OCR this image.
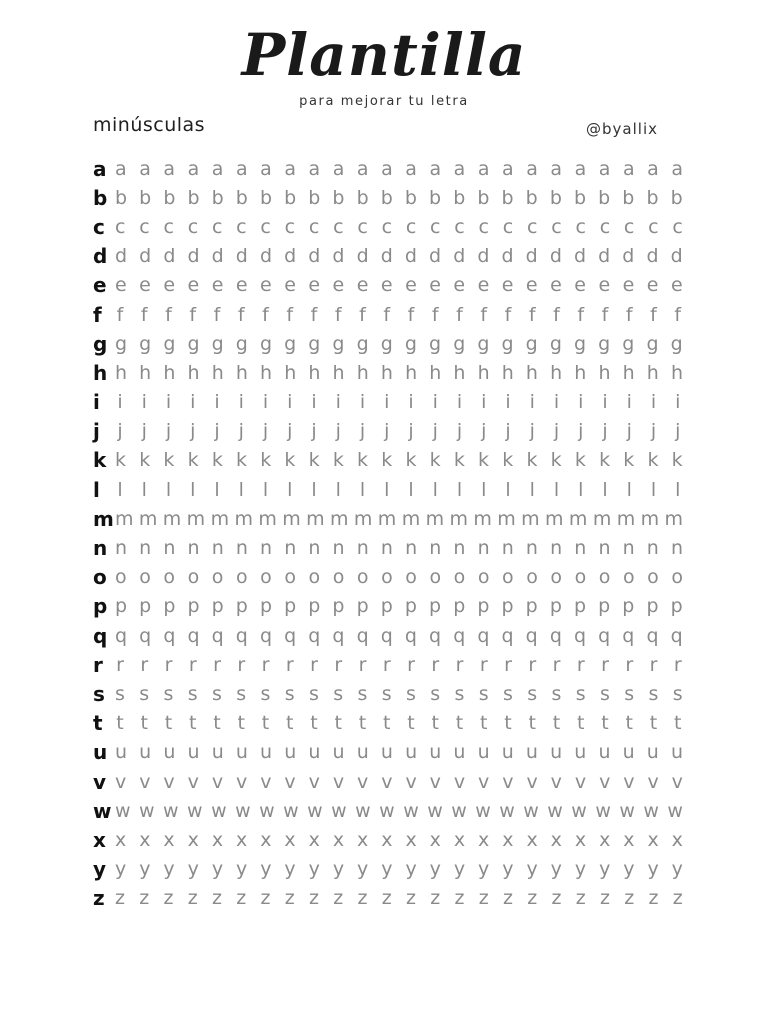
Plantilla
para mejorar tu letra
minúsculas	@byallix
a a a a a a a a a a a a a a a a a a a a a a a a a
b b b b b b b b b b b b b b b b b b b b b b b b b
c c c c c c c c c c c c c c c c c c c c c c c c c
d d d d d d d d d d d d d d d d d d d d d d d d d
e e e e e e e e e e e e e e e e e e e e e e e e e
f f f f f f f f f f f f f f f f f f f f f f f f f
g g g g g g g g g g g g g g g g g g g g g g g g g
h h h h h h h h h h h h h h h h h h h h h h h h h
i i i i i i i i i i i i i i i i i i i i i i i i i
j j j j j j j j j j j j j j j j j j j j j j j j j
k k k k k k k k k k k k k k k k k k k k k k k k k
l l l l l l l l l l l l l l l l l l l l l l l l l
m m m m m m m m m m m m m m m m m m m m m m m m m
n n n n n n n n n n n n n n n n n n n n n n n n n
o o o o o o o o o o o o o o o o o o o o o o o o o
p p p p p p p p p p p p p p p p p p p p p p p p p
q q q q q q q q q q q q q q q q q q q q q q q q q
r r r r r r r r r r r r r r r r r r r r r r r r r
s s s s s s s s s s s s s s s s s s s s s s s s s
t t t t t t t t t t t t t t t t t t t t t t t t t
u u u u u u u u u u u u u u u u u u u u u u u u u
v v v v v v v v v v v v v v v v v v v v v v v v v
w w w w w w w w w w w w w w w w w w w w w w w w w
x x x x x x x x x x x x x x x x x x x x x x x x x
y y y y y y y y y y y y y y y y y y y y y y y y y
z z z z z z z z z z z z z z z z z z z z z z z z z
